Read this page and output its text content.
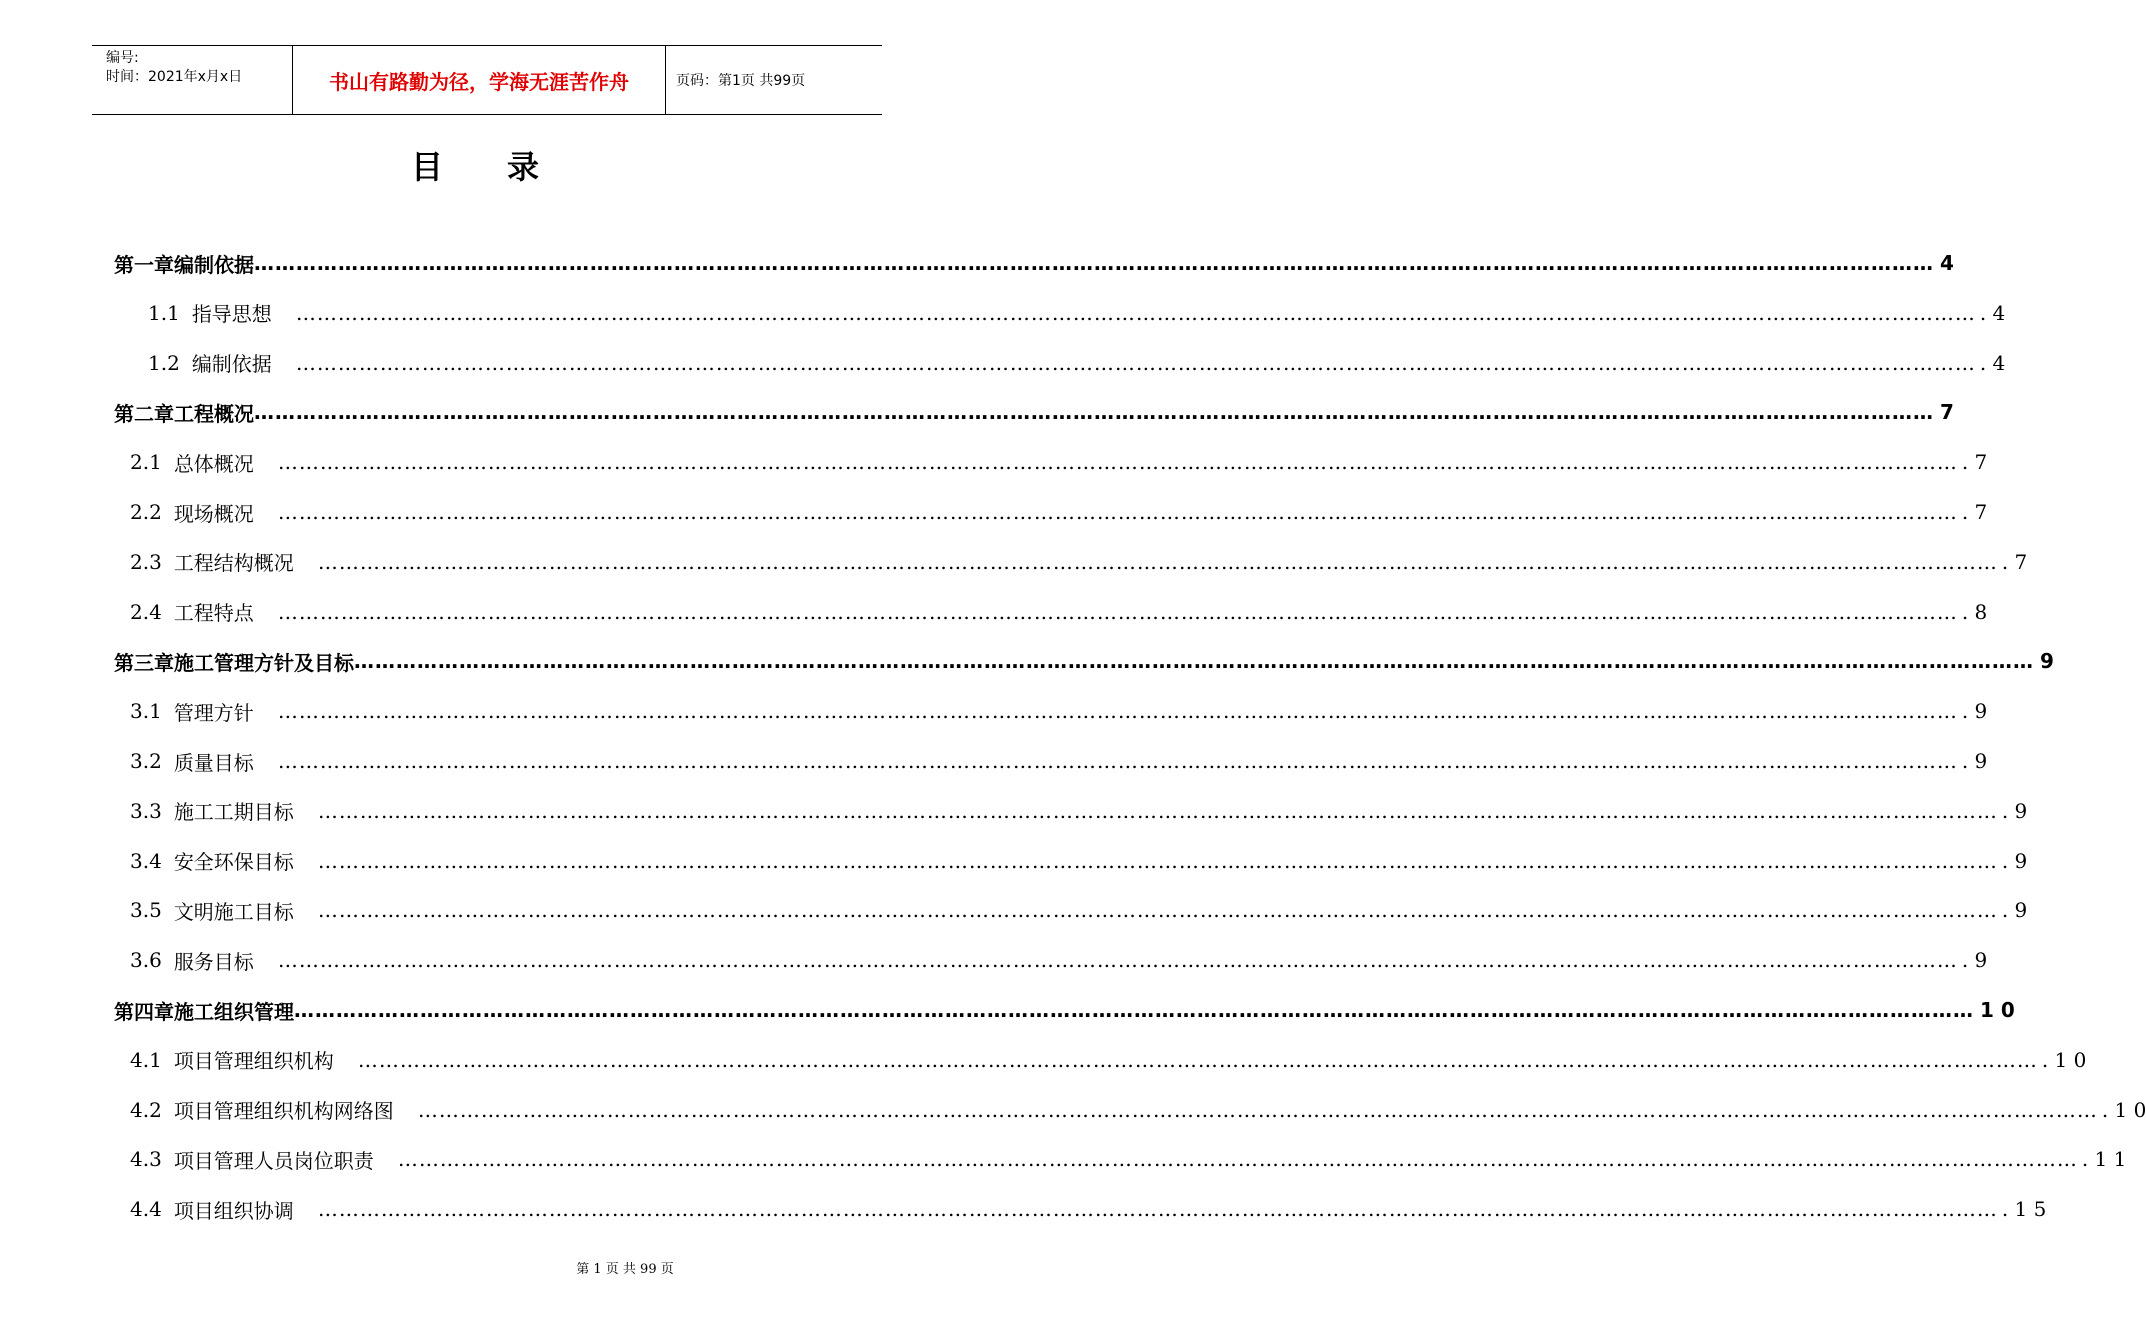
编号:
时间：2021年x月x日	书山有路勤为径，学海无涯苦作舟	页码：第1页 共99页
目录
第一章 编制依据 …………………………………………………………………………………………………………………………………………………………………………………………………………………… 4
1.1 指导思想 …………………………………………………………………………………………………………………………………………………………………………………………………………………… . 4
1.2 编制依据 …………………………………………………………………………………………………………………………………………………………………………………………………………………… . 4
第二章 工程概况 …………………………………………………………………………………………………………………………………………………………………………………………………………………… 7
2.1 总体概况 …………………………………………………………………………………………………………………………………………………………………………………………………………………… . 7
2.2 现场概况 …………………………………………………………………………………………………………………………………………………………………………………………………………………… . 7
2.3 工程结构概况 …………………………………………………………………………………………………………………………………………………………………………………………………………………… . 7
2.4 工程特点 …………………………………………………………………………………………………………………………………………………………………………………………………………………… . 8
第三章 施工管理方针及目标 …………………………………………………………………………………………………………………………………………………………………………………………………………………… 9
3.1 管理方针 …………………………………………………………………………………………………………………………………………………………………………………………………………………… . 9
3.2 质量目标 …………………………………………………………………………………………………………………………………………………………………………………………………………………… . 9
3.3 施工工期目标 …………………………………………………………………………………………………………………………………………………………………………………………………………………… . 9
3.4 安全环保目标 …………………………………………………………………………………………………………………………………………………………………………………………………………………… . 9
3.5 文明施工目标 …………………………………………………………………………………………………………………………………………………………………………………………………………………… . 9
3.6 服务目标 …………………………………………………………………………………………………………………………………………………………………………………………………………………… . 9
第四章 施工组织管理 …………………………………………………………………………………………………………………………………………………………………………………………………………………… 1 0
4.1 项目管理组织机构 …………………………………………………………………………………………………………………………………………………………………………………………………………………… . 1 0
4.2 项目管理组织机构网络图 …………………………………………………………………………………………………………………………………………………………………………………………………………………… . 1 0
4.3 项目管理人员岗位职责 …………………………………………………………………………………………………………………………………………………………………………………………………………………… . 1 1
4.4 项目组织协调 …………………………………………………………………………………………………………………………………………………………………………………………………………………… . 1 5
第 1 页 共 99 页
